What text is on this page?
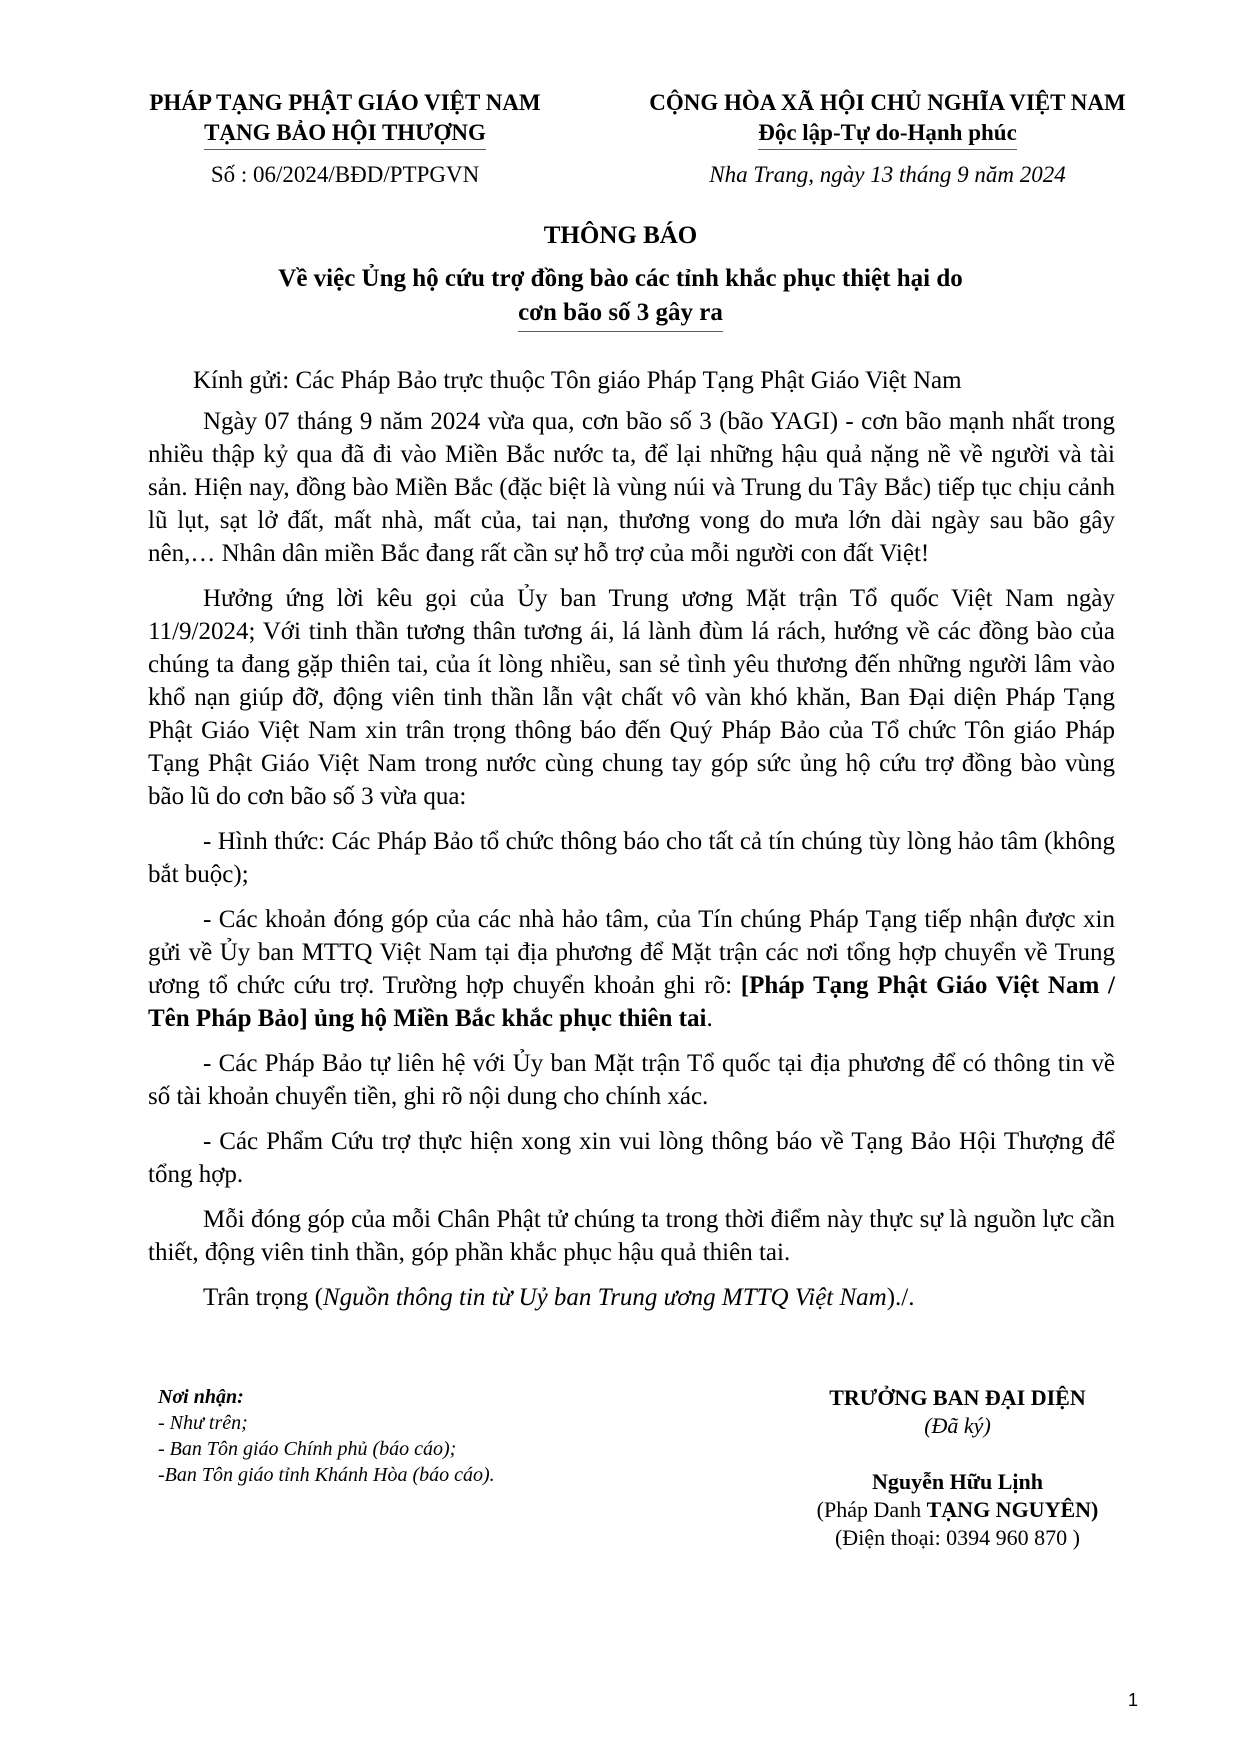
PHÁP TẠNG PHẬT GIÁO VIỆT NAM
TẠNG BẢO HỘI THƯỢNG
Số : 06/2024/BĐD/PTPGVN
CỘNG HÒA XÃ HỘI CHỦ NGHĨA VIỆT NAM
Độc lập-Tự do-Hạnh phúc
Nha Trang, ngày 13 tháng 9 năm 2024
THÔNG BÁO
Về việc Ủng hộ cứu trợ đồng bào các tỉnh khắc phục thiệt hại do
cơn bão số 3 gây ra

Kính gửi: Các Pháp Bảo trực thuộc Tôn giáo Pháp Tạng Phật Giáo Việt Nam

Ngày 07 tháng 9 năm 2024 vừa qua, cơn bão số 3 (bão YAGI) - cơn bão mạnh nhất trong nhiều thập kỷ qua đã đi vào Miền Bắc nước ta, để lại những hậu quả nặng nề về người và tài sản. Hiện nay, đồng bào Miền Bắc (đặc biệt là vùng núi và Trung du Tây Bắc) tiếp tục chịu cảnh lũ lụt, sạt lở đất, mất nhà, mất của, tai nạn, thương vong do mưa lớn dài ngày sau bão gây nên,… Nhân dân miền Bắc đang rất cần sự hỗ trợ của mỗi người con đất Việt!

Hưởng ứng lời kêu gọi của Ủy ban Trung ương Mặt trận Tổ quốc Việt Nam ngày 11/9/2024; Với tinh thần tương thân tương ái, lá lành đùm lá rách, hướng về các đồng bào của chúng ta đang gặp thiên tai, của ít lòng nhiều, san sẻ tình yêu thương đến những người lâm vào khổ nạn giúp đỡ, động viên tinh thần lẫn vật chất vô vàn khó khăn, Ban Đại diện Pháp Tạng Phật Giáo Việt Nam xin trân trọng thông báo đến Quý Pháp Bảo của Tổ chức Tôn giáo Pháp Tạng Phật Giáo Việt Nam trong nước cùng chung tay góp sức ủng hộ cứu trợ đồng bào vùng bão lũ do cơn bão số 3 vừa qua:

- Hình thức: Các Pháp Bảo tổ chức thông báo cho tất cả tín chúng tùy lòng hảo tâm (không bắt buộc);

- Các khoản đóng góp của các nhà hảo tâm, của Tín chúng Pháp Tạng tiếp nhận được xin gửi về Ủy ban MTTQ Việt Nam tại địa phương để Mặt trận các nơi tổng hợp chuyển về Trung ương tổ chức cứu trợ. Trường hợp chuyển khoản ghi rõ: [Pháp Tạng Phật Giáo Việt Nam / Tên Pháp Bảo] ủng hộ Miền Bắc khắc phục thiên tai.

- Các Pháp Bảo tự liên hệ với Ủy ban Mặt trận Tổ quốc tại địa phương để có thông tin về số tài khoản chuyển tiền, ghi rõ nội dung cho chính xác.

- Các Phẩm Cứu trợ thực hiện xong xin vui lòng thông báo về Tạng Bảo Hội Thượng để tổng hợp.

Mỗi đóng góp của mỗi Chân Phật tử chúng ta trong thời điểm này thực sự là nguồn lực cần thiết, động viên tinh thần, góp phần khắc phục hậu quả thiên tai.

Trân trọng (Nguồn thông tin từ Uỷ ban Trung ương MTTQ Việt Nam)./.

Nơi nhận:
- Như trên;
- Ban Tôn giáo Chính phủ (báo cáo);
-Ban Tôn giáo tỉnh Khánh Hòa (báo cáo).
TRƯỞNG BAN ĐẠI DIỆN
(Đã ký)
Nguyễn Hữu Lịnh
(Pháp Danh TẠNG NGUYÊN)
(Điện thoại: 0394 960 870 )
1
